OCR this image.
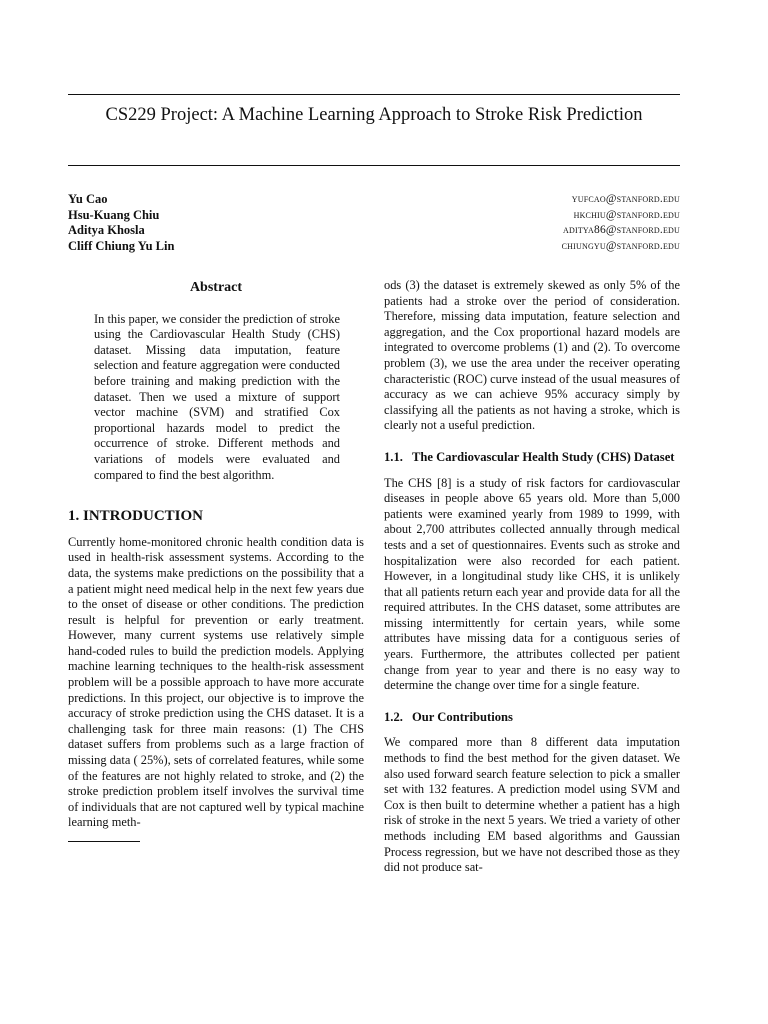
CS229 Project: A Machine Learning Approach to Stroke Risk Prediction
Yu Cao	yufcao@stanford.edu
Hsu-Kuang Chiu	hkchiu@stanford.edu
Aditya Khosla	aditya86@stanford.edu
Cliff Chiung Yu Lin	chiungyu@stanford.edu
Abstract

In this paper, we consider the prediction of stroke using the Cardiovascular Health Study (CHS) dataset. Missing data imputation, feature selection and feature aggregation were conducted before training and making prediction with the dataset. Then we used a mixture of support vector machine (SVM) and stratified Cox proportional hazards model to predict the occurrence of stroke. Different methods and variations of models were evaluated and compared to find the best algorithm.

1. INTRODUCTION

Currently home-monitored chronic health condition data is used in health-risk assessment systems. According to the data, the systems make predictions on the possibility that a a patient might need medical help in the next few years due to the onset of disease or other conditions. The prediction result is helpful for prevention or early treatment. However, many current systems use relatively simple hand-coded rules to build the prediction models. Applying machine learning techniques to the health-risk assessment problem will be a possible approach to have more accurate predictions. In this project, our objective is to improve the accuracy of stroke prediction using the CHS dataset. It is a challenging task for three main reasons: (1) The CHS dataset suffers from problems such as a large fraction of missing data ( 25%), sets of correlated features, while some of the features are not highly related to stroke, and (2) the stroke prediction problem itself involves the survival time of individuals that are not captured well by typical machine learning meth-

ods (3) the dataset is extremely skewed as only 5% of the patients had a stroke over the period of consideration. Therefore, missing data imputation, feature selection and aggregation, and the Cox proportional hazard models are integrated to overcome problems (1) and (2). To overcome problem (3), we use the area under the receiver operating characteristic (ROC) curve instead of the usual measures of accuracy as we can achieve 95% accuracy simply by classifying all the patients as not having a stroke, which is clearly not a useful prediction.

1.1. The Cardiovascular Health Study (CHS) Dataset

The CHS [8] is a study of risk factors for cardiovascular diseases in people above 65 years old. More than 5,000 patients were examined yearly from 1989 to 1999, with about 2,700 attributes collected annually through medical tests and a set of questionnaires. Events such as stroke and hospitalization were also recorded for each patient. However, in a longitudinal study like CHS, it is unlikely that all patients return each year and provide data for all the required attributes. In the CHS dataset, some attributes are missing intermittently for certain years, while some attributes have missing data for a contiguous series of years. Furthermore, the attributes collected per patient change from year to year and there is no easy way to determine the change over time for a single feature.

1.2. Our Contributions

We compared more than 8 different data imputation methods to find the best method for the given dataset. We also used forward search feature selection to pick a smaller set with 132 features. A prediction model using SVM and Cox is then built to determine whether a patient has a high risk of stroke in the next 5 years. We tried a variety of other methods including EM based algorithms and Gaussian Process regression, but we have not described those as they did not produce sat-
